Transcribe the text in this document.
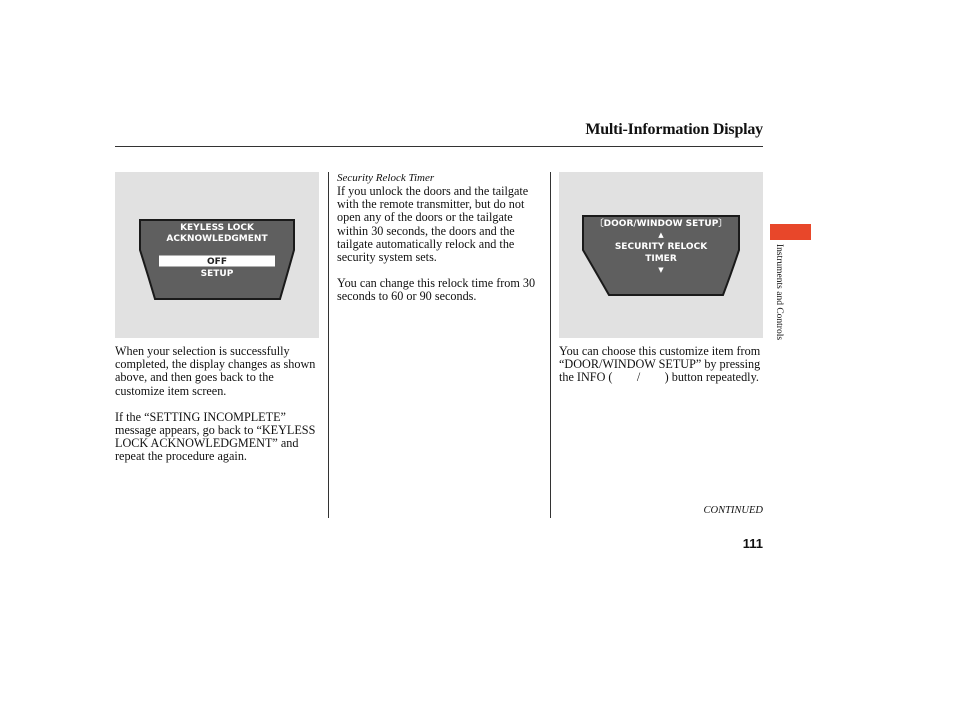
Multi-Information Display
KEYLESS LOCK
ACKNOWLEDGMENT
OFF
SETUP

When your selection is successfully completed, the display changes as shown above, and then goes back to the customize item screen.

If the “SETTING INCOMPLETE” message appears, go back to “KEYLESS LOCK ACKNOWLEDGMENT” and repeat the procedure again.

Security Relock Timer

If you unlock the doors and the tailgate with the remote transmitter, but do not open any of the doors or the tailgate within 30 seconds, the doors and the tailgate automatically relock and the security system sets.

You can change this relock time from 30 seconds to 60 or 90 seconds.

〔DOOR/WINDOW SETUP〕
▲
SECURITY RELOCK
TIMER
▼

You can choose this customize item from “DOOR/WINDOW SETUP” by pressing the INFO (  /  ) button repeatedly.

Instruments and Controls
CONTINUED
111
